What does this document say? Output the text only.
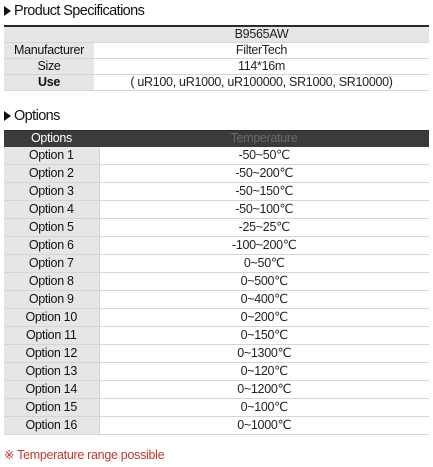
Product Specifications
	B9565AW
Manufacturer	FilterTech
Size	114*16m
Use	( uR100, uR1000, uR100000, SR1000, SR10000)
Options
Options	Temperature
Option 1	-50~50℃
Option 2	-50~200℃
Option 3	-50~150℃
Option 4	-50~100℃
Option 5	-25~25℃
Option 6	-100~200℃
Option 7	0~50℃
Option 8	0~500℃
Option 9	0~400℃
Option 10	0~200℃
Option 11	0~150℃
Option 12	0~1300℃
Option 13	0~120℃
Option 14	0~1200℃
Option 15	0~100℃
Option 16	0~1000℃
※ Temperature range possible
